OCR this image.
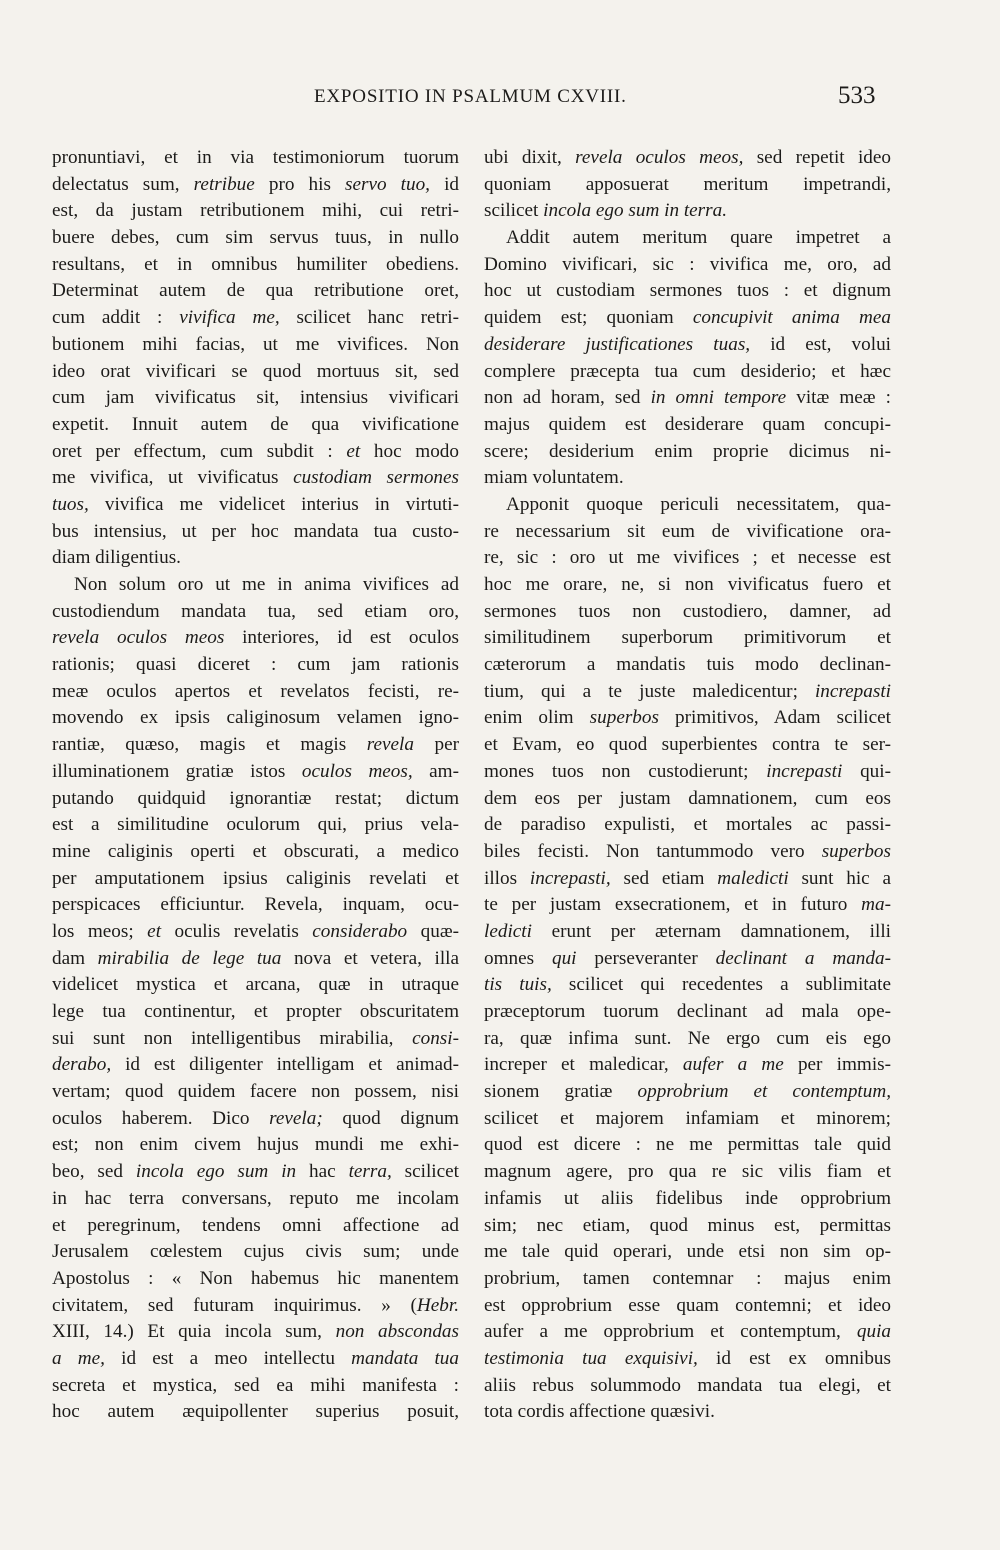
EXPOSITIO IN PSALMUM CXVIII.	533
pronuntiavi, et in via testimoniorum tuorum
delectatus sum, retribue pro his servo tuo, id
est, da justam retributionem mihi, cui retri-
buere debes, cum sim servus tuus, in nullo
resultans, et in omnibus humiliter obediens.
Determinat autem de qua retributione oret,
cum addit : vivifica me, scilicet hanc retri-
butionem mihi facias, ut me vivifices. Non
ideo orat vivificari se quod mortuus sit, sed
cum jam vivificatus sit, intensius vivificari
expetit. Innuit autem de qua vivificatione
oret per effectum, cum subdit : et hoc modo
me vivifica, ut vivificatus custodiam sermones
tuos, vivifica me videlicet interius in virtuti-
bus intensius, ut per hoc mandata tua custo-
diam diligentius.
Non solum oro ut me in anima vivifices ad
custodiendum mandata tua, sed etiam oro,
revela oculos meos interiores, id est oculos
rationis; quasi diceret : cum jam rationis
meæ oculos apertos et revelatos fecisti, re-
movendo ex ipsis caliginosum velamen igno-
rantiæ, quæso, magis et magis revela per
illuminationem gratiæ istos oculos meos, am-
putando quidquid ignorantiæ restat; dictum
est a similitudine oculorum qui, prius vela-
mine caliginis operti et obscurati, a medico
per amputationem ipsius caliginis revelati et
perspicaces efficiuntur. Revela, inquam, ocu-
los meos; et oculis revelatis considerabo quæ-
dam mirabilia de lege tua nova et vetera, illa
videlicet mystica et arcana, quæ in utraque
lege tua continentur, et propter obscuritatem
sui sunt non intelligentibus mirabilia, consi-
derabo, id est diligenter intelligam et animad-
vertam; quod quidem facere non possem, nisi
oculos haberem. Dico revela; quod dignum
est; non enim civem hujus mundi me exhi-
beo, sed incola ego sum in hac terra, scilicet
in hac terra conversans, reputo me incolam
et peregrinum, tendens omni affectione ad
Jerusalem cœlestem cujus civis sum; unde
Apostolus : « Non habemus hic manentem
civitatem, sed futuram inquirimus. » (Hebr.
XIII, 14.) Et quia incola sum, non abscondas
a me, id est a meo intellectu mandata tua
secreta et mystica, sed ea mihi manifesta :
hoc autem æquipollenter superius posuit,
ubi dixit, revela oculos meos, sed repetit ideo
quoniam apposuerat meritum impetrandi,
scilicet incola ego sum in terra.
Addit autem meritum quare impetret a
Domino vivificari, sic : vivifica me, oro, ad
hoc ut custodiam sermones tuos : et dignum
quidem est; quoniam concupivit anima mea
desiderare justificationes tuas, id est, volui
complere præcepta tua cum desiderio; et hæc
non ad horam, sed in omni tempore vitæ meæ :
majus quidem est desiderare quam concupi-
scere; desiderium enim proprie dicimus ni-
miam voluntatem.
Apponit quoque periculi necessitatem, qua-
re necessarium sit eum de vivificatione ora-
re, sic : oro ut me vivifices ; et necesse est
hoc me orare, ne, si non vivificatus fuero et
sermones tuos non custodiero, damner, ad
similitudinem superborum primitivorum et
cæterorum a mandatis tuis modo declinan-
tium, qui a te juste maledicentur; increpasti
enim olim superbos primitivos, Adam scilicet
et Evam, eo quod superbientes contra te ser-
mones tuos non custodierunt; increpasti qui-
dem eos per justam damnationem, cum eos
de paradiso expulisti, et mortales ac passi-
biles fecisti. Non tantummodo vero superbos
illos increpasti, sed etiam maledicti sunt hic a
te per justam exsecrationem, et in futuro ma-
ledicti erunt per æternam damnationem, illi
omnes qui perseveranter declinant a manda-
tis tuis, scilicet qui recedentes a sublimitate
præceptorum tuorum declinant ad mala ope-
ra, quæ infima sunt. Ne ergo cum eis ego
increper et maledicar, aufer a me per immis-
sionem gratiæ opprobrium et contemptum,
scilicet et majorem infamiam et minorem;
quod est dicere : ne me permittas tale quid
magnum agere, pro qua re sic vilis fiam et
infamis ut aliis fidelibus inde opprobrium
sim; nec etiam, quod minus est, permittas
me tale quid operari, unde etsi non sim op-
probrium, tamen contemnar : majus enim
est opprobrium esse quam contemni; et ideo
aufer a me opprobrium et contemptum, quia
testimonia tua exquisivi, id est ex omnibus
aliis rebus solummodo mandata tua elegi, et
tota cordis affectione quæsivi.
